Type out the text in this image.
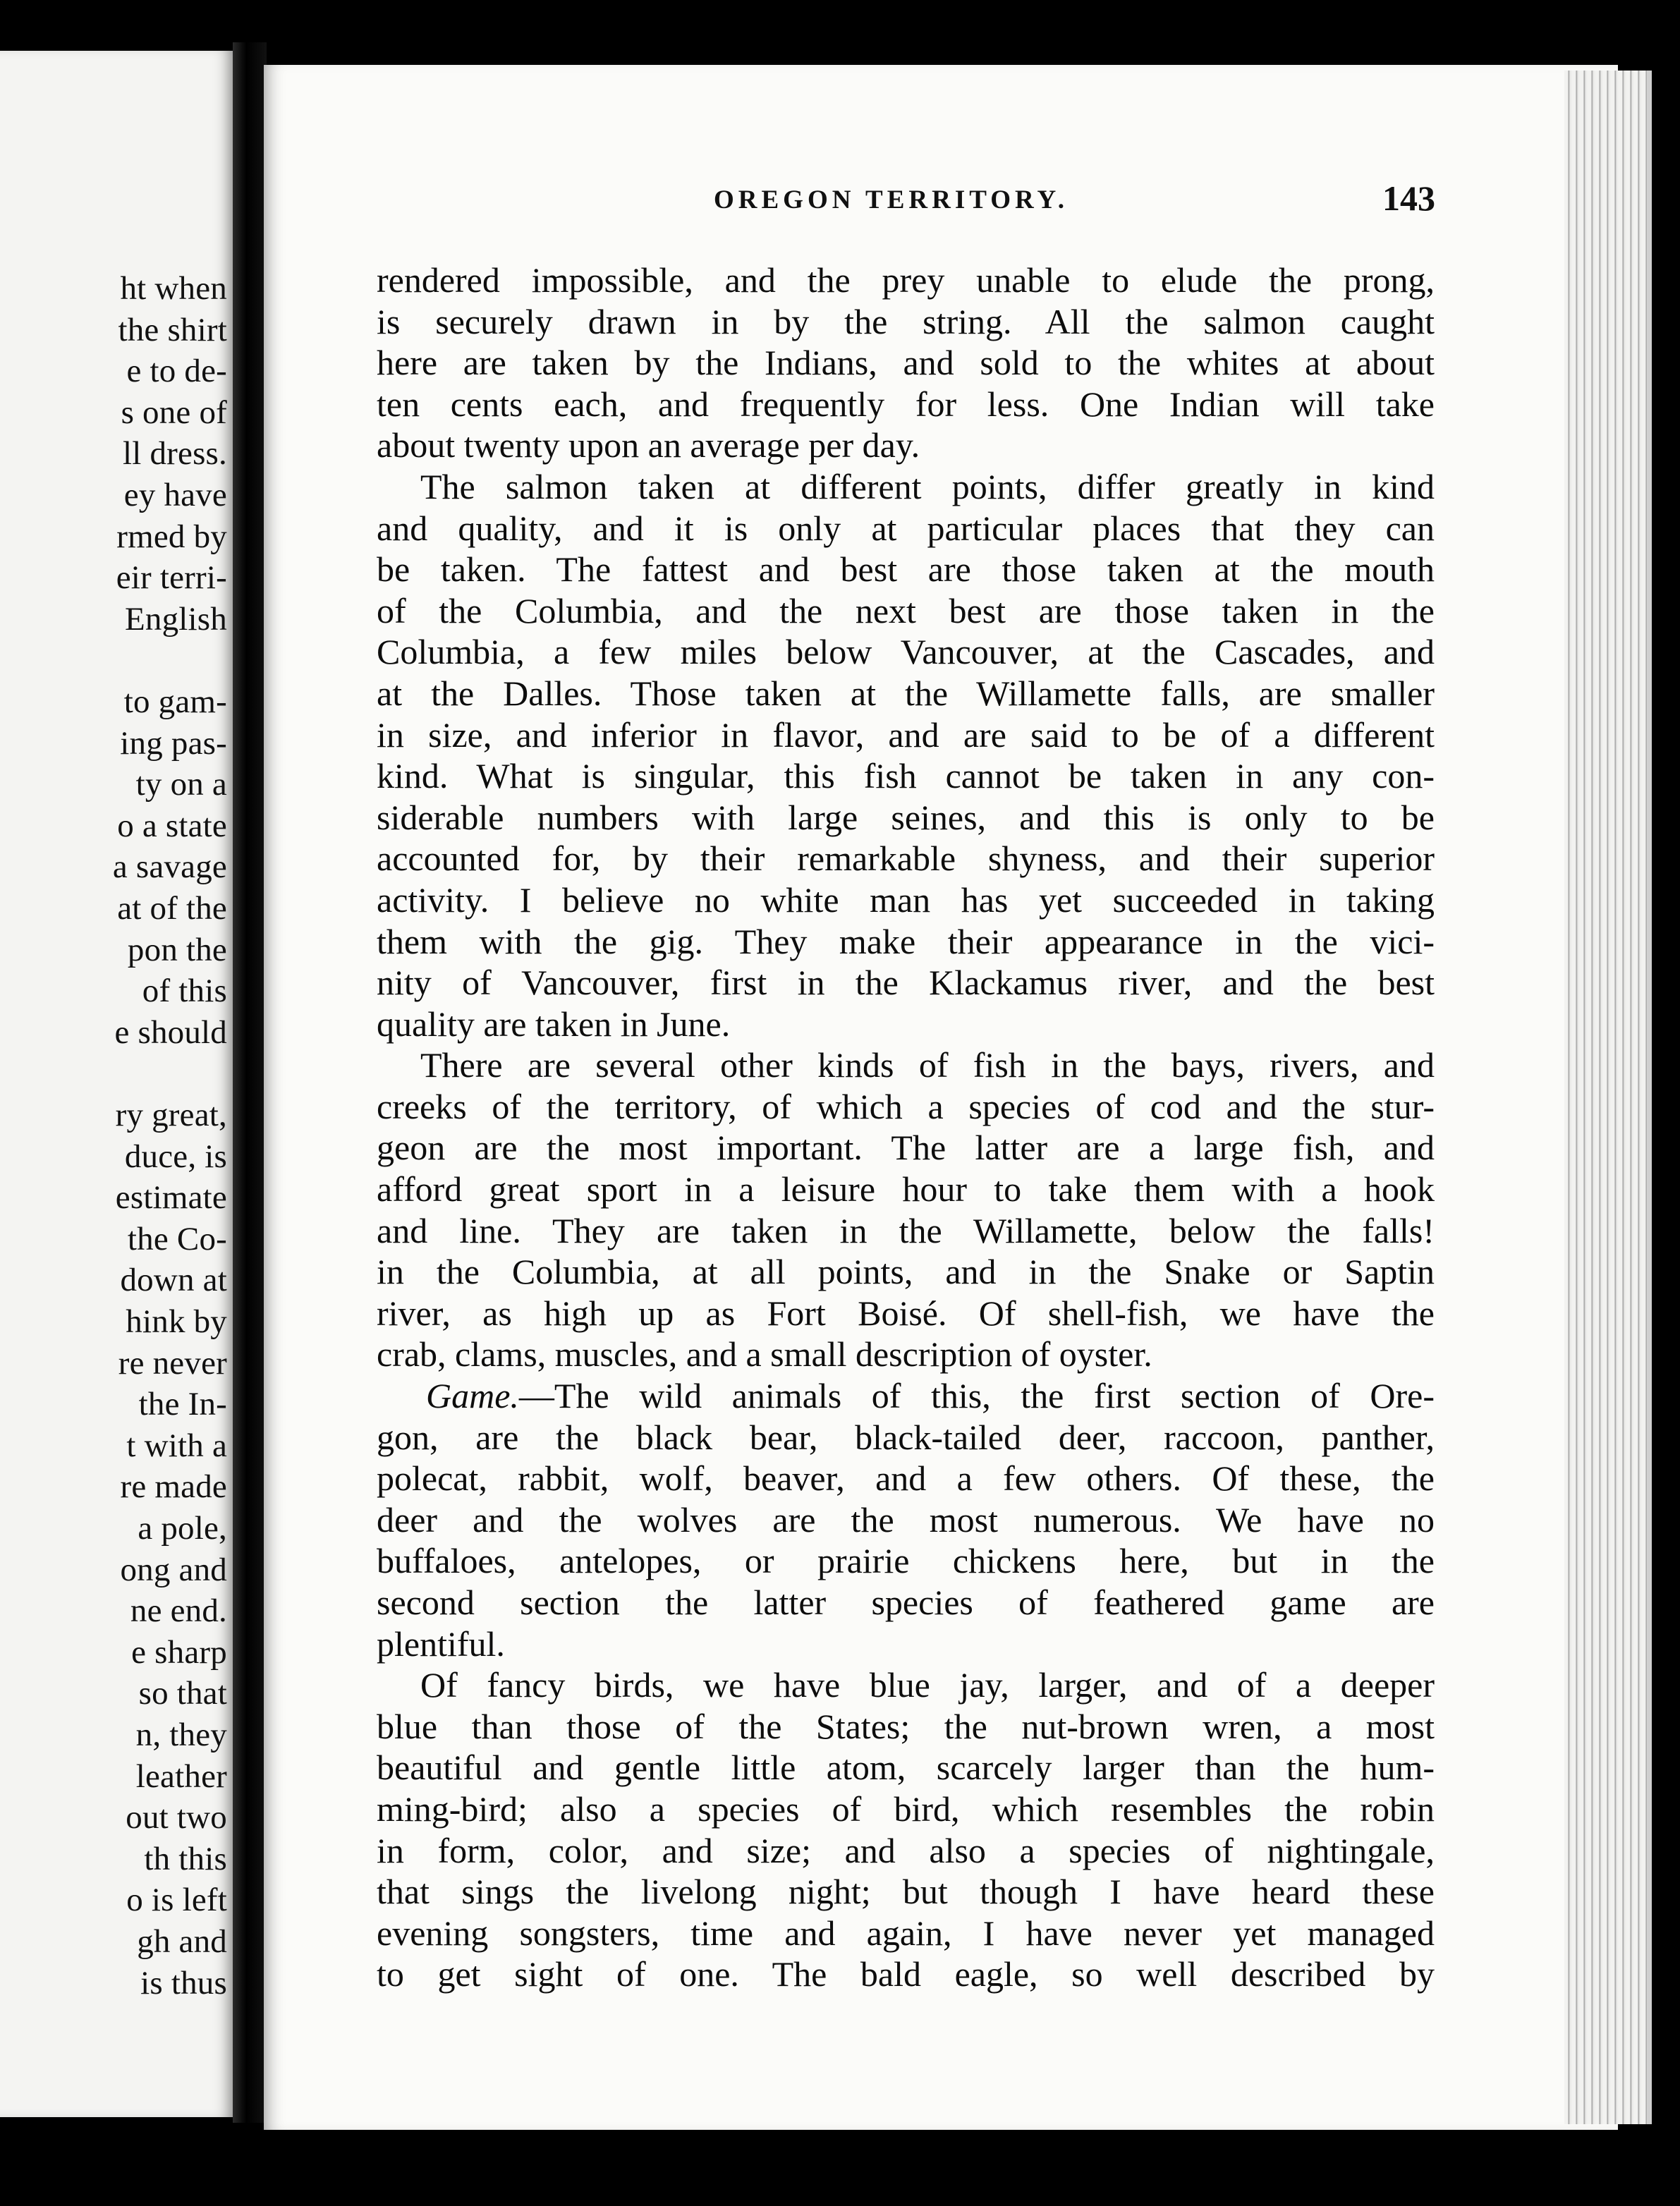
ht when
the shirt
e to de-
s one of
ll dress.
ey have
rmed by
eir terri-
English
to gam-
ing pas-
ty on a
o a state
a savage
at of the
pon the
of this
e should
ry great,
duce, is
estimate
the Co-
down at
hink by
re never
the In-
t with a
re made
a pole,
ong and
ne end.
e sharp
so that
n, they
leather
out two
th this
o is left
gh and
is thus
OREGON TERRITORY.	143
rendered impossible, and the prey unable to elude the prong,
is securely drawn in by the string. All the salmon caught
here are taken by the Indians, and sold to the whites at about
ten cents each, and frequently for less. One Indian will take
about twenty upon an average per day.
The salmon taken at different points, differ greatly in kind
and quality, and it is only at particular places that they can
be taken. The fattest and best are those taken at the mouth
of the Columbia, and the next best are those taken in the
Columbia, a few miles below Vancouver, at the Cascades, and
at the Dalles. Those taken at the Willamette falls, are smaller
in size, and inferior in flavor, and are said to be of a different
kind. What is singular, this fish cannot be taken in any con-
siderable numbers with large seines, and this is only to be
accounted for, by their remarkable shyness, and their superior
activity. I believe no white man has yet succeeded in taking
them with the gig. They make their appearance in the vici-
nity of Vancouver, first in the Klackamus river, and the best
quality are taken in June.
There are several other kinds of fish in the bays, rivers, and
creeks of the territory, of which a species of cod and the stur-
geon are the most important. The latter are a large fish, and
afford great sport in a leisure hour to take them with a hook
and line. They are taken in the Willamette, below the falls!
in the Columbia, at all points, and in the Snake or Saptin
river, as high up as Fort Boisé. Of shell-fish, we have the
crab, clams, muscles, and a small description of oyster.
Game.—The wild animals of this, the first section of Ore-
gon, are the black bear, black-tailed deer, raccoon, panther,
polecat, rabbit, wolf, beaver, and a few others. Of these, the
deer and the wolves are the most numerous. We have no
buffaloes, antelopes, or prairie chickens here, but in the
second section the latter species of feathered game are
plentiful.
Of fancy birds, we have blue jay, larger, and of a deeper
blue than those of the States; the nut-brown wren, a most
beautiful and gentle little atom, scarcely larger than the hum-
ming-bird; also a species of bird, which resembles the robin
in form, color, and size; and also a species of nightingale,
that sings the livelong night; but though I have heard these
evening songsters, time and again, I have never yet managed
to get sight of one. The bald eagle, so well described by
